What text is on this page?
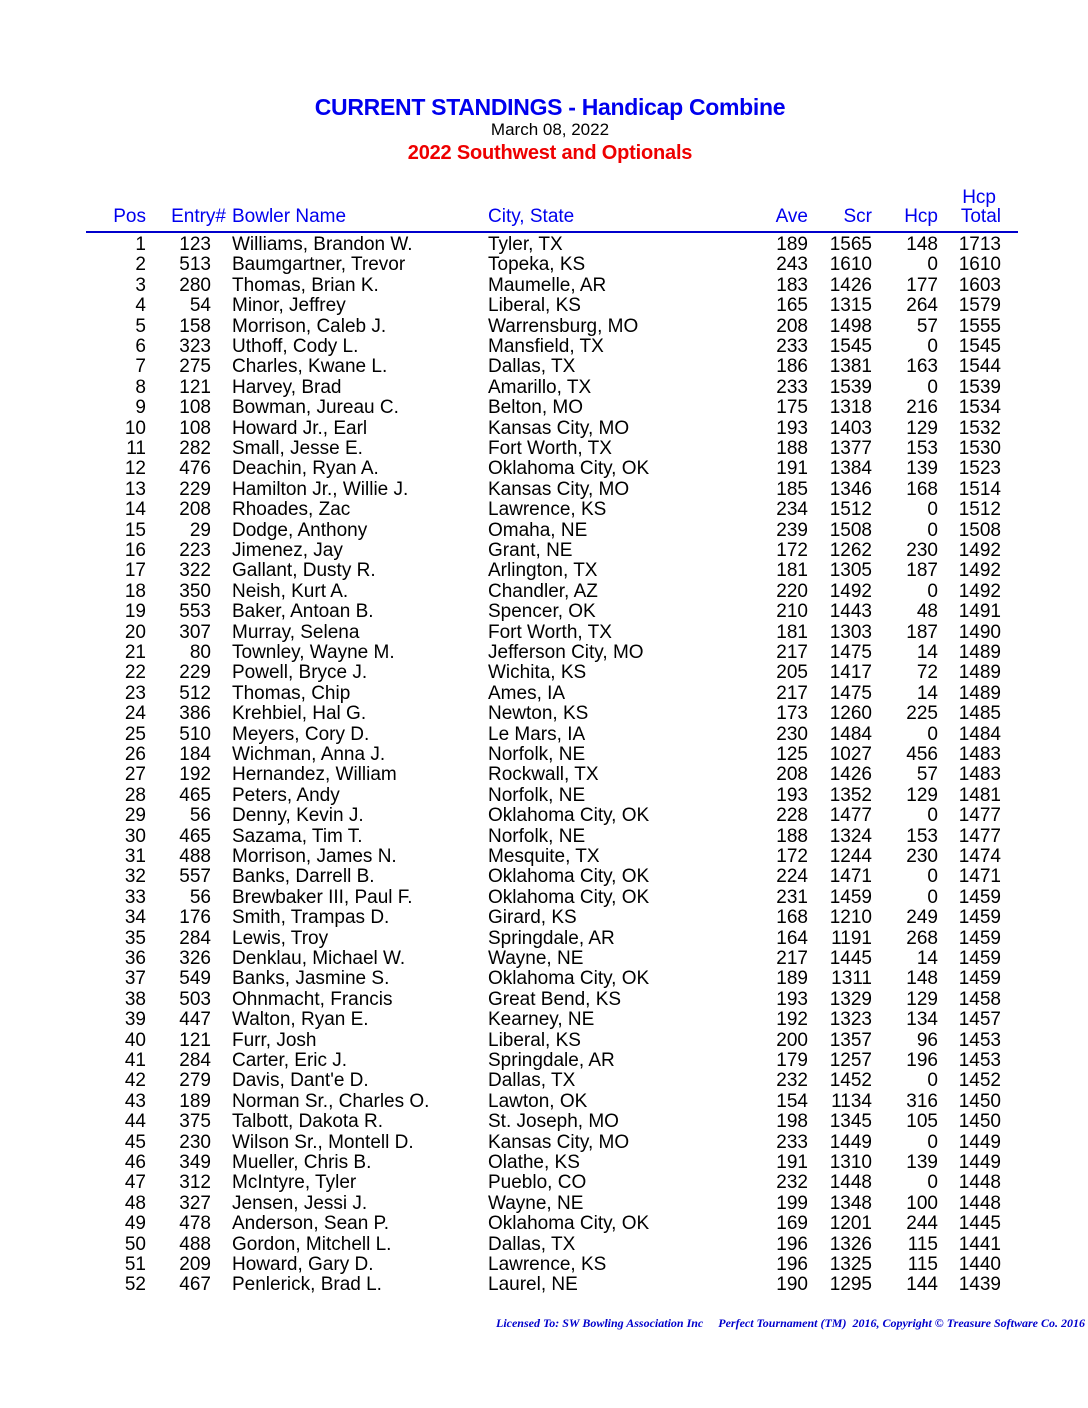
CURRENT STANDINGS - Handicap Combine
March 08, 2022
2022 Southwest and Optionals
Pos	Entry# Bowler Name	City, State	Ave	Scr	Hcp
Hcp
Total
1	123 Williams, Brandon W.	Tyler, TX	189	1565	148	1713
2	513 Baumgartner, Trevor	Topeka, KS	243	1610	0	1610
3	280 Thomas, Brian K.	Maumelle, AR	183	1426	177	1603
4	54 Minor, Jeffrey	Liberal, KS	165	1315	264	1579
5	158 Morrison, Caleb J.	Warrensburg, MO	208	1498	57	1555
6	323 Uthoff, Cody L.	Mansfield, TX	233	1545	0	1545
7	275 Charles, Kwane L.	Dallas, TX	186	1381	163	1544
8	121 Harvey, Brad	Amarillo, TX	233	1539	0	1539
9	108 Bowman, Jureau C.	Belton, MO	175	1318	216	1534
10	108 Howard Jr., Earl	Kansas City, MO	193	1403	129	1532
11	282 Small, Jesse E.	Fort Worth, TX	188	1377	153	1530
12	476 Deachin, Ryan A.	Oklahoma City, OK	191	1384	139	1523
13	229 Hamilton Jr., Willie J.	Kansas City, MO	185	1346	168	1514
14	208 Rhoades, Zac	Lawrence, KS	234	1512	0	1512
15	29 Dodge, Anthony	Omaha, NE	239	1508	0	1508
16	223 Jimenez, Jay	Grant, NE	172	1262	230	1492
17	322 Gallant, Dusty R.	Arlington, TX	181	1305	187	1492
18	350 Neish, Kurt A.	Chandler, AZ	220	1492	0	1492
19	553 Baker, Antoan B.	Spencer, OK	210	1443	48	1491
20	307 Murray, Selena	Fort Worth, TX	181	1303	187	1490
21	80 Townley, Wayne M.	Jefferson City, MO	217	1475	14	1489
22	229 Powell, Bryce J.	Wichita, KS	205	1417	72	1489
23	512 Thomas, Chip	Ames, IA	217	1475	14	1489
24	386 Krehbiel, Hal G.	Newton, KS	173	1260	225	1485
25	510 Meyers, Cory D.	Le Mars, IA	230	1484	0	1484
26	184 Wichman, Anna J.	Norfolk, NE	125	1027	456	1483
27	192 Hernandez, William	Rockwall, TX	208	1426	57	1483
28	465 Peters, Andy	Norfolk, NE	193	1352	129	1481
29	56 Denny, Kevin J.	Oklahoma City, OK	228	1477	0	1477
30	465 Sazama, Tim T.	Norfolk, NE	188	1324	153	1477
31	488 Morrison, James N.	Mesquite, TX	172	1244	230	1474
32	557 Banks, Darrell B.	Oklahoma City, OK	224	1471	0	1471
33	56 Brewbaker III, Paul F.	Oklahoma City, OK	231	1459	0	1459
34	176 Smith, Trampas D.	Girard, KS	168	1210	249	1459
35	284 Lewis, Troy	Springdale, AR	164	1191	268	1459
36	326 Denklau, Michael W.	Wayne, NE	217	1445	14	1459
37	549 Banks, Jasmine S.	Oklahoma City, OK	189	1311	148	1459
38	503 Ohnmacht, Francis	Great Bend, KS	193	1329	129	1458
39	447 Walton, Ryan E.	Kearney, NE	192	1323	134	1457
40	121 Furr, Josh	Liberal, KS	200	1357	96	1453
41	284 Carter, Eric J.	Springdale, AR	179	1257	196	1453
42	279 Davis, Dant'e D.	Dallas, TX	232	1452	0	1452
43	189 Norman Sr., Charles O.	Lawton, OK	154	1134	316	1450
44	375 Talbott, Dakota R.	St. Joseph, MO	198	1345	105	1450
45	230 Wilson Sr., Montell D.	Kansas City, MO	233	1449	0	1449
46	349 Mueller, Chris B.	Olathe, KS	191	1310	139	1449
47	312 McIntyre, Tyler	Pueblo, CO	232	1448	0	1448
48	327 Jensen, Jessi J.	Wayne, NE	199	1348	100	1448
49	478 Anderson, Sean P.	Oklahoma City, OK	169	1201	244	1445
50	488 Gordon, Mitchell L.	Dallas, TX	196	1326	115	1441
51	209 Howard, Gary D.	Lawrence, KS	196	1325	115	1440
52	467 Penlerick, Brad L.	Laurel, NE	190	1295	144	1439
Licensed To: SW Bowling Association Inc     Perfect Tournament (TM)  2016, Copyright © Treasure Software Co. 2016
